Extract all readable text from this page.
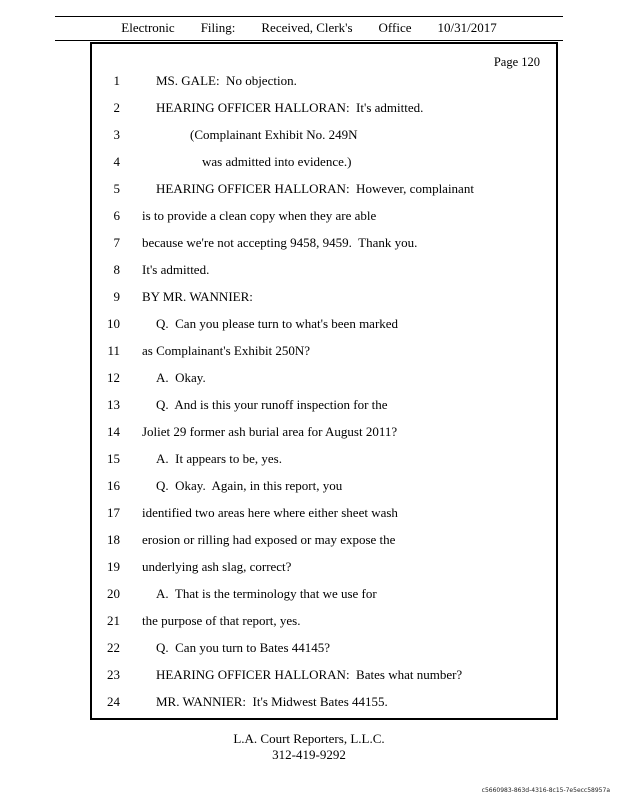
Electronic Filing: Received, Clerk's Office 10/31/2017
Page 120
1	MS. GALE:  No objection.
2	HEARING OFFICER HALLORAN:  It's admitted.
3	(Complainant Exhibit No. 249N
4	was admitted into evidence.)
5	HEARING OFFICER HALLORAN:  However, complainant
6	is to provide a clean copy when they are able
7	because we're not accepting 9458, 9459.  Thank you.
8	It's admitted.
9	BY MR. WANNIER:
10	Q.  Can you please turn to what's been marked
11	as Complainant's Exhibit 250N?
12	A.  Okay.
13	Q.  And is this your runoff inspection for the
14	Joliet 29 former ash burial area for August 2011?
15	A.  It appears to be, yes.
16	Q.  Okay.  Again, in this report, you
17	identified two areas here where either sheet wash
18	erosion or rilling had exposed or may expose the
19	underlying ash slag, correct?
20	A.  That is the terminology that we use for
21	the purpose of that report, yes.
22	Q.  Can you turn to Bates 44145?
23	HEARING OFFICER HALLORAN:  Bates what number?
24	MR. WANNIER:  It's Midwest Bates 44155.
L.A. Court Reporters, L.L.C.
312-419-9292
c5660983-863d-4316-8c15-7e5ecc58957a
